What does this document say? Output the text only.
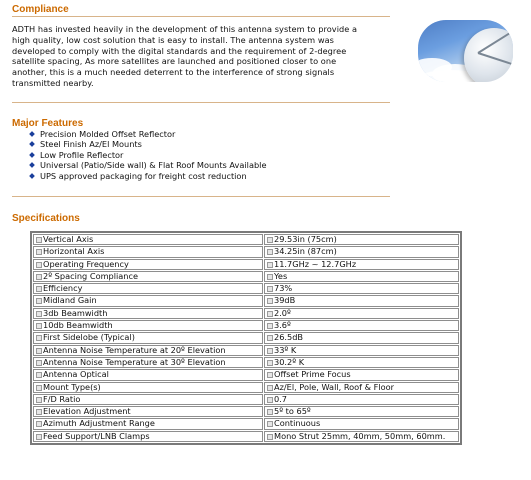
Compliance
ADTH has invested heavily in the development of this antenna system to provide a
high quality, low cost solution that is easy to install. The antenna system was
developed to comply with the digital standards and the requirement of 2-degree
satellite spacing, As more satellites are launched and positioned closer to one
another, this is a much needed deterrent to the interference of strong signals
transmitted nearby.
Major Features
Precision Molded Offset Reflector
Steel Finish Az/El Mounts
Low Profile Reflector
Universal (Patio/Side wall) & Flat Roof Mounts Available
UPS approved packaging for freight cost reduction
Specifications
Vertical Axis	29.53in (75cm)
Horizontal Axis	34.25in (87cm)
Operating Frequency	11.7GHz ~ 12.7GHz
2º Spacing Compliance	Yes
Efficiency	73%
Midland Gain	39dB
3db Beamwidth	2.0º
10db Beamwidth	3.6º
First Sidelobe (Typical)	26.5dB
Antenna Noise Temperature at 20º Elevation	33º K
Antenna Noise Temperature at 30º Elevation	30.2º K
Antenna Optical	Offset Prime Focus
Mount Type(s)	Az/El, Pole, Wall, Roof & Floor
F/D Ratio	0.7
Elevation Adjustment	5º to 65º
Azimuth Adjustment Range	Continuous
Feed Support/LNB Clamps	Mono Strut 25mm, 40mm, 50mm, 60mm.
